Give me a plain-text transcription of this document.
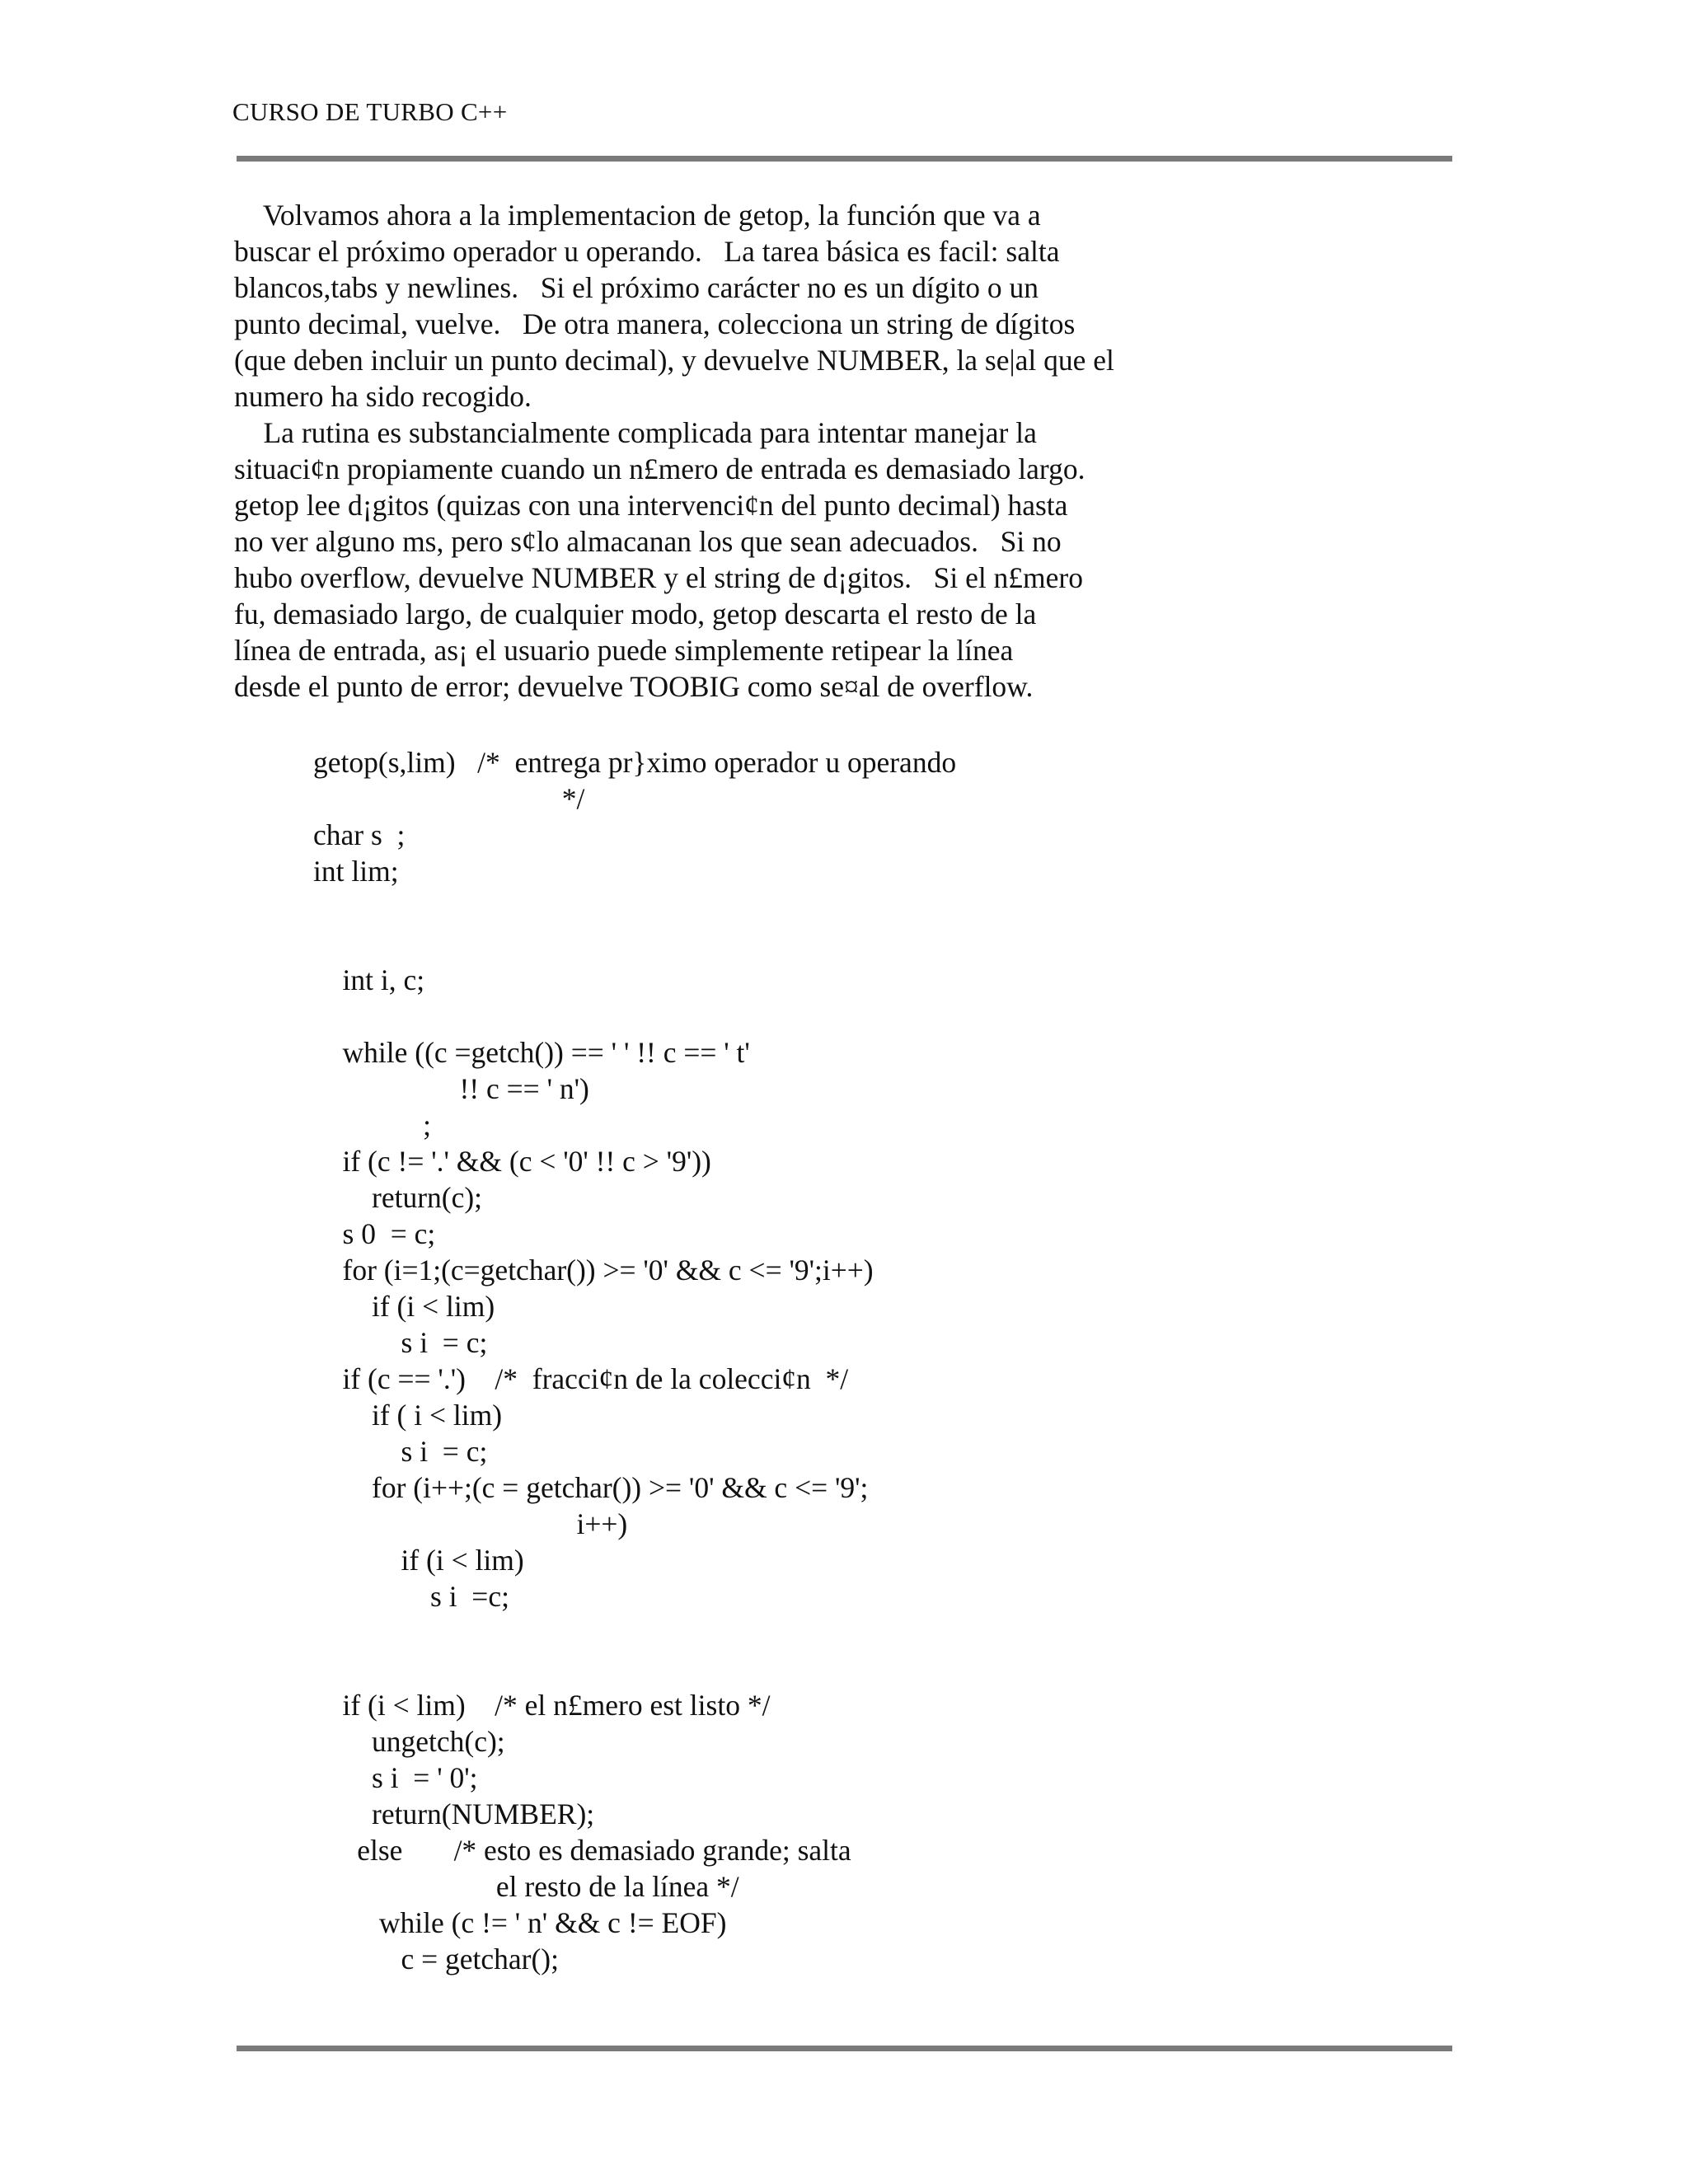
CURSO DE TURBO C++
Volvamos ahora a la implementacion de getop, la función que va a
buscar el próximo operador u operando.   La tarea básica es facil: salta
blancos,tabs y newlines.   Si el próximo carácter no es un dígito o un
punto decimal, vuelve.   De otra manera, colecciona un string de dígitos
(que deben incluir un punto decimal), y devuelve NUMBER, la se|al que el
numero ha sido recogido.
La rutina es substancialmente complicada para intentar manejar la
situaci¢n propiamente cuando un n£mero de entrada es demasiado largo.
getop lee d¡gitos (quizas con una intervenci¢n del punto decimal) hasta
no ver alguno ms, pero s¢lo almacanan los que sean adecuados.   Si no
hubo overflow, devuelve NUMBER y el string de d¡gitos.   Si el n£mero
fu, demasiado largo, de cualquier modo, getop descarta el resto de la
línea de entrada, as¡ el usuario puede simplemente retipear la línea
desde el punto de error; devuelve TOOBIG como se¤al de overflow.
getop(s,lim)   /*  entrega pr}ximo operador u operando
*/
char s  ;
int lim;
int i, c;
while ((c =getch()) == ' ' !! c == ' t'
!! c == ' n')
;
if (c != '.' && (c < '0' !! c > '9'))
return(c);
s 0  = c;
for (i=1;(c=getchar()) >= '0' && c <= '9';i++)
if (i < lim)
s i  = c;
if (c == '.')    /*  fracci¢n de la colecci¢n  */
if ( i < lim)
s i  = c;
for (i++;(c = getchar()) >= '0' && c <= '9';
i++)
if (i < lim)
s i  =c;
if (i < lim)    /* el n£mero est listo */
ungetch(c);
s i  = ' 0';
return(NUMBER);
else       /* esto es demasiado grande; salta
el resto de la línea */
while (c != ' n' && c != EOF)
c = getchar();
